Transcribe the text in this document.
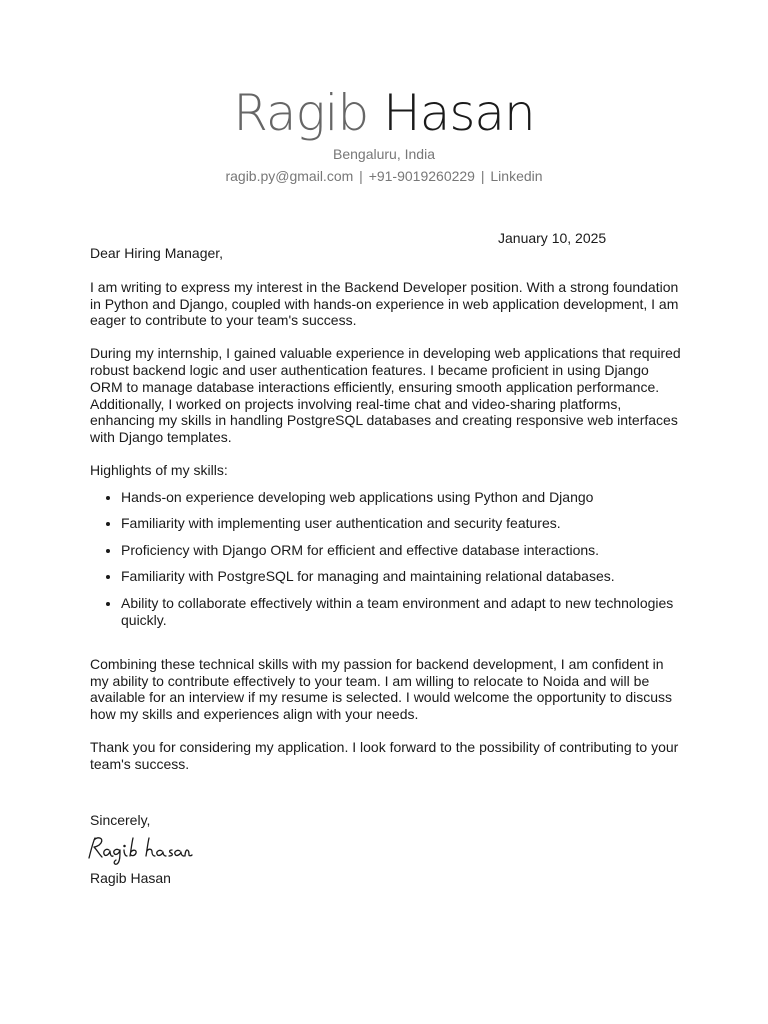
Ragib Hasan
Bengaluru, India
ragib.py@gmail.com | +91-9019260229 | Linkedin
January 10, 2025

Dear Hiring Manager,

I am writing to express my interest in the Backend Developer position. With a strong foundation in Python and Django, coupled with hands-on experience in web application development, I am eager to contribute to your team's success.

During my internship, I gained valuable experience in developing web applications that required robust backend logic and user authentication features. I became proficient in using Django ORM to manage database interactions efficiently, ensuring smooth application performance. Additionally, I worked on projects involving real-time chat and video-sharing platforms, enhancing my skills in handling PostgreSQL databases and creating responsive web interfaces with Django templates.

Highlights of my skills:

• Hands-on experience developing web applications using Python and Django
• Familiarity with implementing user authentication and security features.
• Proficiency with Django ORM for efficient and effective database interactions.
• Familiarity with PostgreSQL for managing and maintaining relational databases.
• Ability to collaborate effectively within a team environment and adapt to new technologies quickly.

Combining these technical skills with my passion for backend development, I am confident in my ability to contribute effectively to your team. I am willing to relocate to Noida and will be available for an interview if my resume is selected. I would welcome the opportunity to discuss how my skills and experiences align with your needs.

Thank you for considering my application. I look forward to the possibility of contributing to your team's success.

Sincerely,
Ragib Hasan
